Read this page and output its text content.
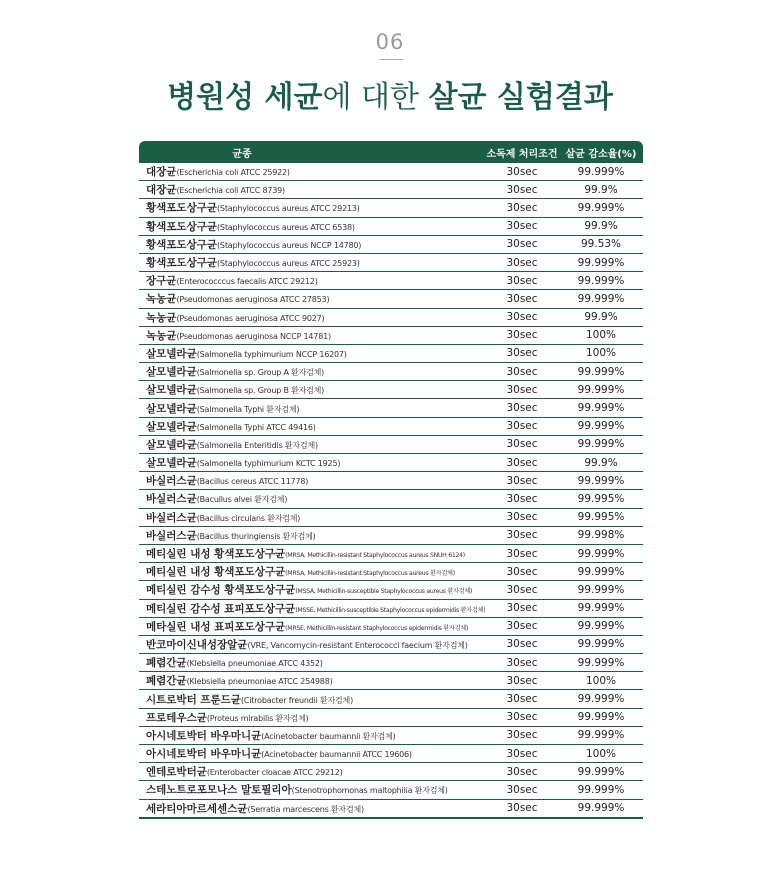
06
병원성 세균에 대한 살균 실험결과
균종	소독제 처리조건	살균 감소율(%)
대장균(Escherichia coli ATCC 25922)	30sec	99.999%
대장균(Escherichia coli ATCC 8739)	30sec	99.9%
황색포도상구균(Staphylococcus aureus ATCC 29213)	30sec	99.999%
황색포도상구균(Staphylococcus aureus ATCC 6538)	30sec	99.9%
황색포도상구균(Staphylococcus aureus NCCP 14780)	30sec	99.53%
황색포도상구균(Staphylococcus aureus ATCC 25923)	30sec	99.999%
장구균(Enterococccus faecalis ATCC 29212)	30sec	99.999%
녹농균(Pseudomonas aeruginosa ATCC 27853)	30sec	99.999%
녹농균(Pseudomonas aeruginosa ATCC 9027)	30sec	99.9%
녹농균(Pseudomonas aeruginosa NCCP 14781)	30sec	100%
살모넬라균(Salmonella typhimurium NCCP 16207)	30sec	100%
살모넬라균(Salmonella sp. Group A 환자검체)	30sec	99.999%
살모넬라균(Salmonella sp. Group B 환자검체)	30sec	99.999%
살모넬라균(Salmonella Typhi 환자검체)	30sec	99.999%
살모넬라균(Salmonella Typhi ATCC 49416)	30sec	99.999%
살모넬라균(Salmonella Enteritidis 환자검체)	30sec	99.999%
살모넬라균(Salmonella typhimurium KCTC 1925)	30sec	99.9%
바실러스균(Bacillus cereus ATCC 11778)	30sec	99.999%
바실러스균(Bacullus alvei 환자검체)	30sec	99.995%
바실러스균(Bacillus circulans 환자검체)	30sec	99.995%
바실러스균(Bacillus thuringiensis 환자검체)	30sec	99.998%
메티실린 내성 황색포도상구균(MRSA, Methicillin-resistant Staphylococcus aureus SNUH 6124)	30sec	99.999%
메티실린 내성 황색포도상구균(MRSA, Methicillin-resistant Staphylococcus aureus 환자검체)	30sec	99.999%
메티실린 감수성 황색포도상구균(MSSA, Methicillin-susceptible Staphylococcus aureus 환자검체)	30sec	99.999%
메티실린 감수성 표피포도상구균(MSSE, Methicillin-susceptible Staphylococcus epidermidis 환자검체)	30sec	99.999%
메타실린 내성 표피포도상구균(MRSE, Methicillin-resistant Staphylococcus epidermidis 환자검체)	30sec	99.999%
반코마이신내성장알균(VRE, Vancomycin-resistant Enterococci faecium 환자검체)	30sec	99.999%
폐렴간균(Klebsiella pneumoniae ATCC 4352)	30sec	99.999%
폐렴간균(Klebsiella pneumoniae ATCC 254988)	30sec	100%
시트로박터 프룬드균(Citrobacter freundii 환자검체)	30sec	99.999%
프로테우스균(Proteus mirabilis 환자검체)	30sec	99.999%
아시네토박터 바우마니균(Acinetobacter baumannii 환자검체)	30sec	99.999%
아시네토박터 바우마니균(Acinetobacter baumannii ATCC 19606)	30sec	100%
엔테로박터균(Enterobacter cloacae ATCC 29212)	30sec	99.999%
스테노트로포모나스 말토필리아(Stenotrophomonas maltophilia 환자검체)	30sec	99.999%
세라티아마르세센스균(Serratia marcescens 환자검체)	30sec	99.999%
